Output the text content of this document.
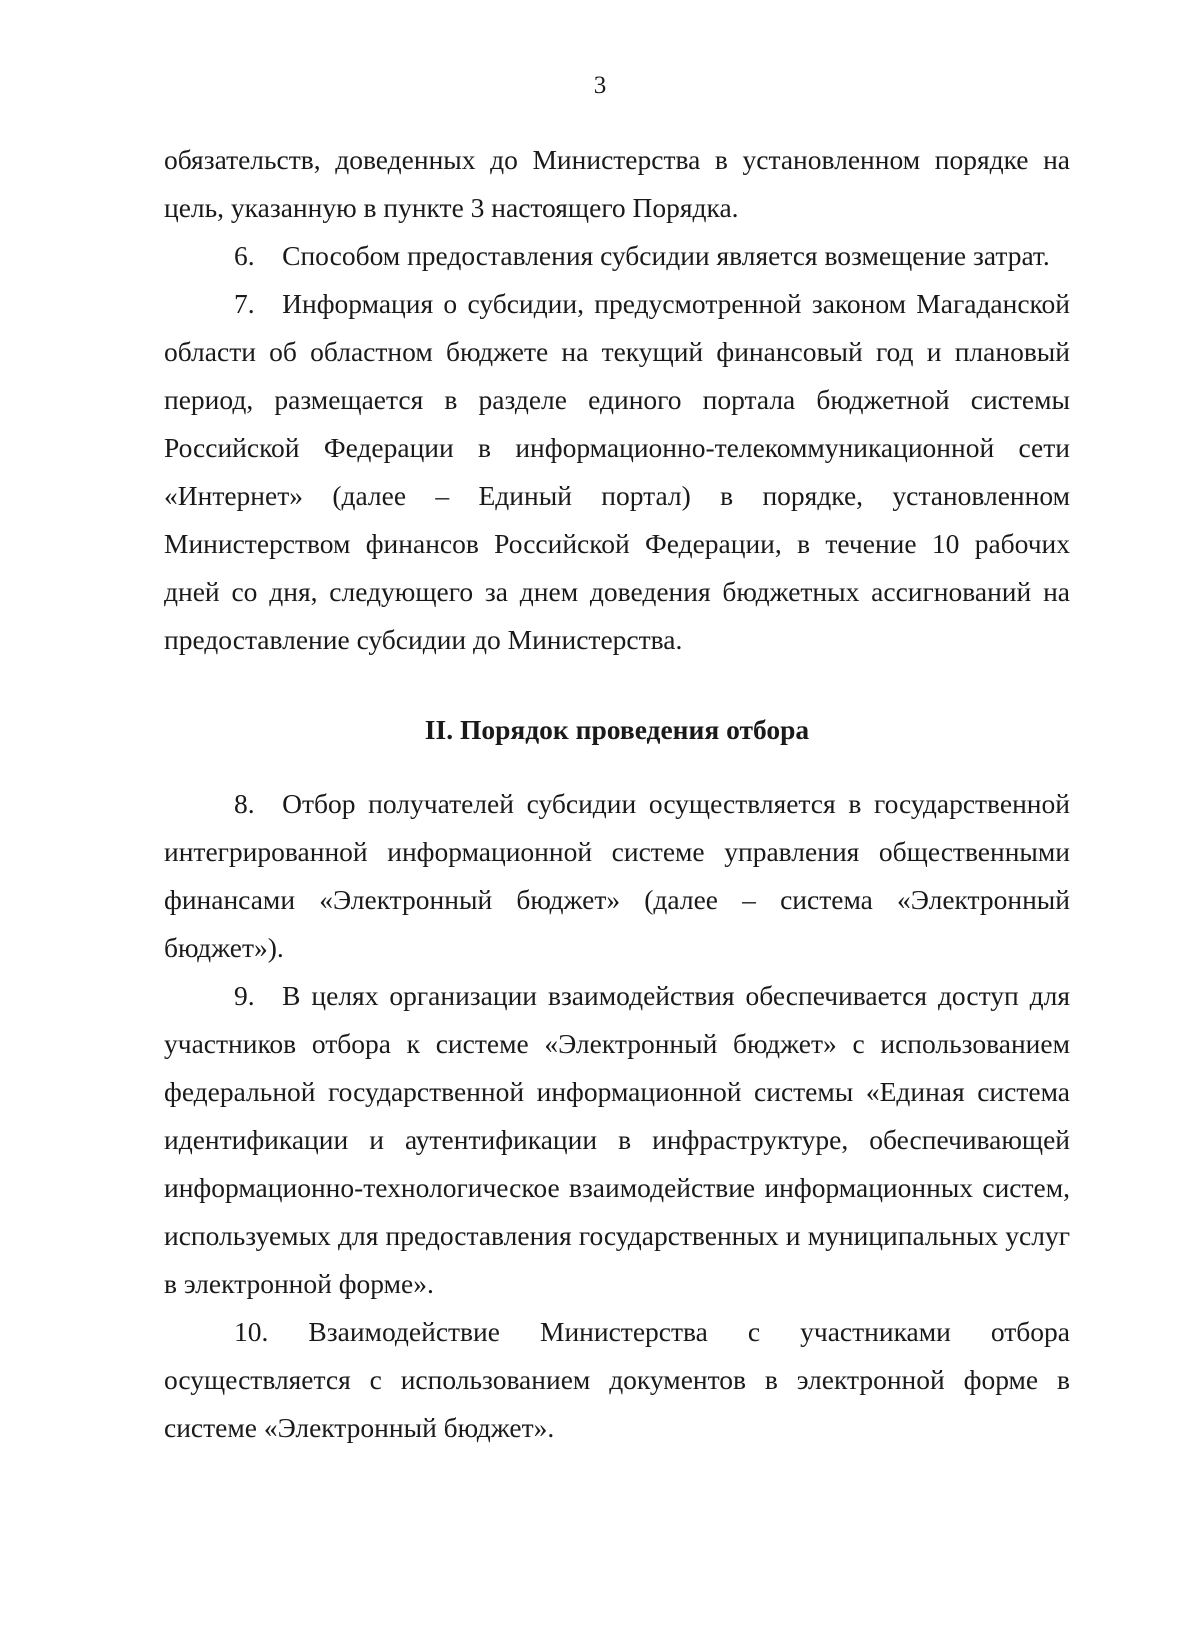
3

обязательств, доведенных до Министерства в установленном порядке на цель, указанную в пункте 3 настоящего Порядка.

6. Способом предоставления субсидии является возмещение затрат.

7. Информация о субсидии, предусмотренной законом Магаданской области об областном бюджете на текущий финансовый год и плановый период, размещается в разделе единого портала бюджетной системы Российской Федерации в информационно-телекоммуникационной сети «Интернет» (далее – Единый портал) в порядке, установленном Министерством финансов Российской Федерации, в течение 10 рабочих дней со дня, следующего за днем доведения бюджетных ассигнований на предоставление субсидии до Министерства.

II. Порядок проведения отбора

8. Отбор получателей субсидии осуществляется в государственной интегрированной информационной системе управления общественными финансами «Электронный бюджет» (далее – система «Электронный бюджет»).

9. В целях организации взаимодействия обеспечивается доступ для участников отбора к системе «Электронный бюджет» с использованием федеральной государственной информационной системы «Единая система идентификации и аутентификации в инфраструктуре, обеспечивающей информационно-технологическое взаимодействие информационных систем, используемых для предоставления государственных и муниципальных услуг в электронной форме».

10. Взаимодействие Министерства с участниками отбора осуществляется с использованием документов в электронной форме в системе «Электронный бюджет».
